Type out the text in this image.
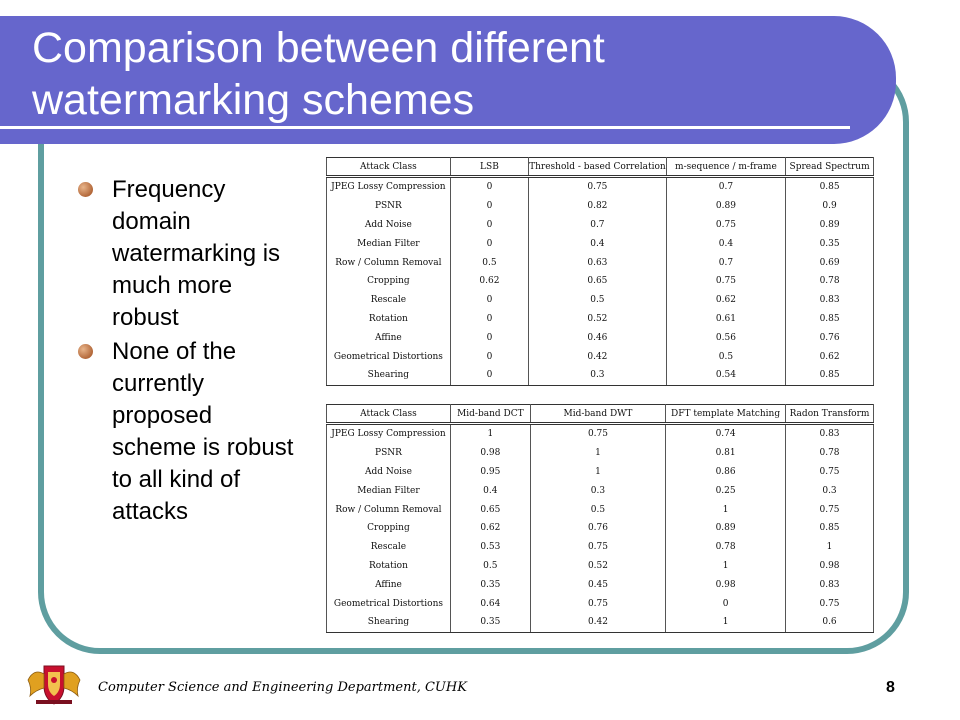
Comparison between different watermarking schemes
Frequency domain watermarking is much more robust
None of the currently proposed scheme is robust to all kind of attacks
Attack Class	LSB	Threshold - based Correlation	m-sequence / m-frame	Spread Spectrum
JPEG Lossy Compression	0	0.75	0.7	0.85
PSNR	0	0.82	0.89	0.9
Add Noise	0	0.7	0.75	0.89
Median Filter	0	0.4	0.4	0.35
Row / Column Removal	0.5	0.63	0.7	0.69
Cropping	0.62	0.65	0.75	0.78
Rescale	0	0.5	0.62	0.83
Rotation	0	0.52	0.61	0.85
Affine	0	0.46	0.56	0.76
Geometrical Distortions	0	0.42	0.5	0.62
Shearing	0	0.3	0.54	0.85
Attack Class	Mid-band DCT	Mid-band DWT	DFT template Matching	Radon Transform
JPEG Lossy Compression	1	0.75	0.74	0.83
PSNR	0.98	1	0.81	0.78
Add Noise	0.95	1	0.86	0.75
Median Filter	0.4	0.3	0.25	0.3
Row / Column Removal	0.65	0.5	1	0.75
Cropping	0.62	0.76	0.89	0.85
Rescale	0.53	0.75	0.78	1
Rotation	0.5	0.52	1	0.98
Affine	0.35	0.45	0.98	0.83
Geometrical Distortions	0.64	0.75	0	0.75
Shearing	0.35	0.42	1	0.6
Computer Science and Engineering Department, CUHK	8
